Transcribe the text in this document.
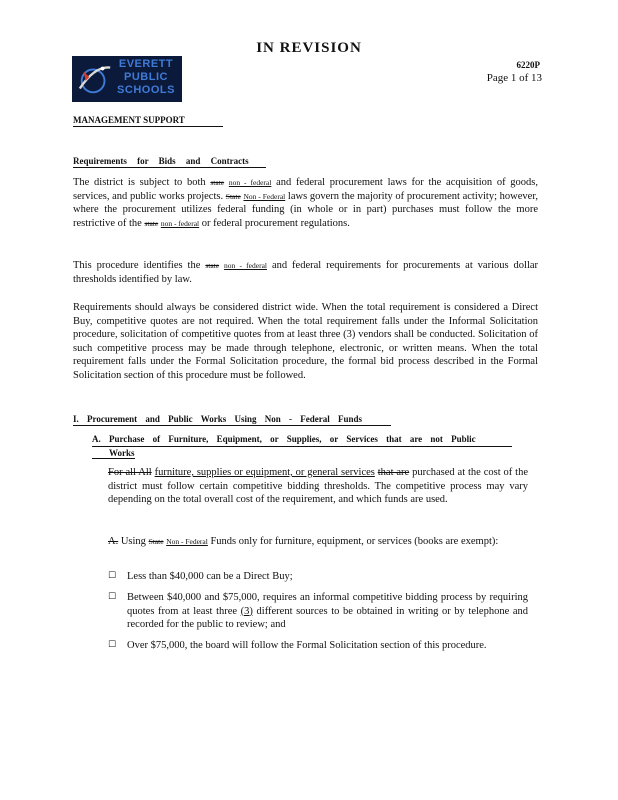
IN REVISION
EVERETT
PUBLIC
SCHOOLS
6220P
Page 1 of 13
MANAGEMENT SUPPORT
Requirements for Bids and Contracts
The district is subject to both state non - federal and federal procurement laws for the acquisition of goods, services, and public works projects. State Non - Federal laws govern the majority of procurement activity; however, where the procurement utilizes federal funding (in whole or in part) purchases must follow the more restrictive of the state non - federal or federal procurement regulations.
This procedure identifies the state non - federal and federal requirements for procurements at various dollar thresholds identified by law.
Requirements should always be considered district wide. When the total requirement is considered a Direct Buy, competitive quotes are not required. When the total requirement falls under the Informal Solicitation procedure, solicitation of competitive quotes from at least three (3) vendors shall be conducted. Solicitation of such competitive process may be made through telephone, electronic, or written means. When the total requirement falls under the Formal Solicitation procedure, the formal bid process described in the Formal Solicitation section of this procedure must be followed.
I. Procurement and Public Works Using Non - Federal Funds
A. Purchase of Furniture, Equipment, or Supplies, or Services that are not Public
Works
For all All furniture, supplies or equipment, or general services that are purchased at the cost of the district must follow certain competitive bidding thresholds. The competitive process may vary depending on the total overall cost of the requirement, and which funds are used.
A. Using State Non - Federal Funds only for furniture, equipment, or services (books are exempt):
☐	Less than $40,000 can be a Direct Buy;
☐	Between $40,000 and $75,000, requires an informal competitive bidding process by requiring quotes from at least three (3) different sources to be obtained in writing or by telephone and recorded for the public to review; and
☐	Over $75,000, the board will follow the Formal Solicitation section of this procedure.
